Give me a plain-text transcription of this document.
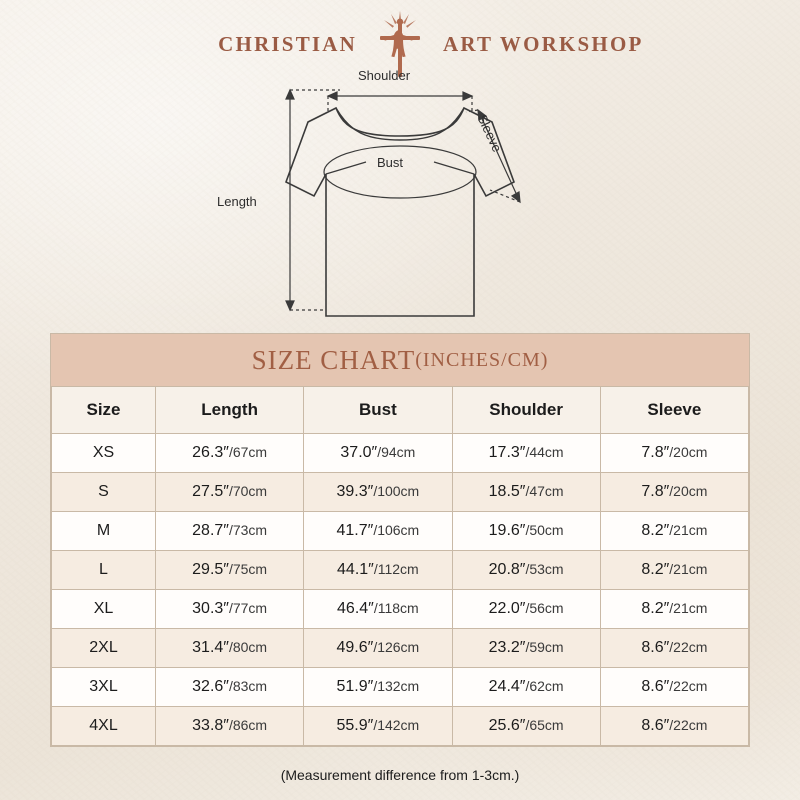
CHRISTIAN	ART WORKSHOP
Shoulder
Bust
Length
Sleeve
SIZE CHART (INCHES/CM)
Size	Length	Bust	Shoulder	Sleeve
XS	26.3″/67cm	37.0″/94cm	17.3″/44cm	7.8″/20cm
S	27.5″/70cm	39.3″/100cm	18.5″/47cm	7.8″/20cm
M	28.7″/73cm	41.7″/106cm	19.6″/50cm	8.2″/21cm
L	29.5″/75cm	44.1″/112cm	20.8″/53cm	8.2″/21cm
XL	30.3″/77cm	46.4″/118cm	22.0″/56cm	8.2″/21cm
2XL	31.4″/80cm	49.6″/126cm	23.2″/59cm	8.6″/22cm
3XL	32.6″/83cm	51.9″/132cm	24.4″/62cm	8.6″/22cm
4XL	33.8″/86cm	55.9″/142cm	25.6″/65cm	8.6″/22cm
(Measurement difference from 1-3cm.)
